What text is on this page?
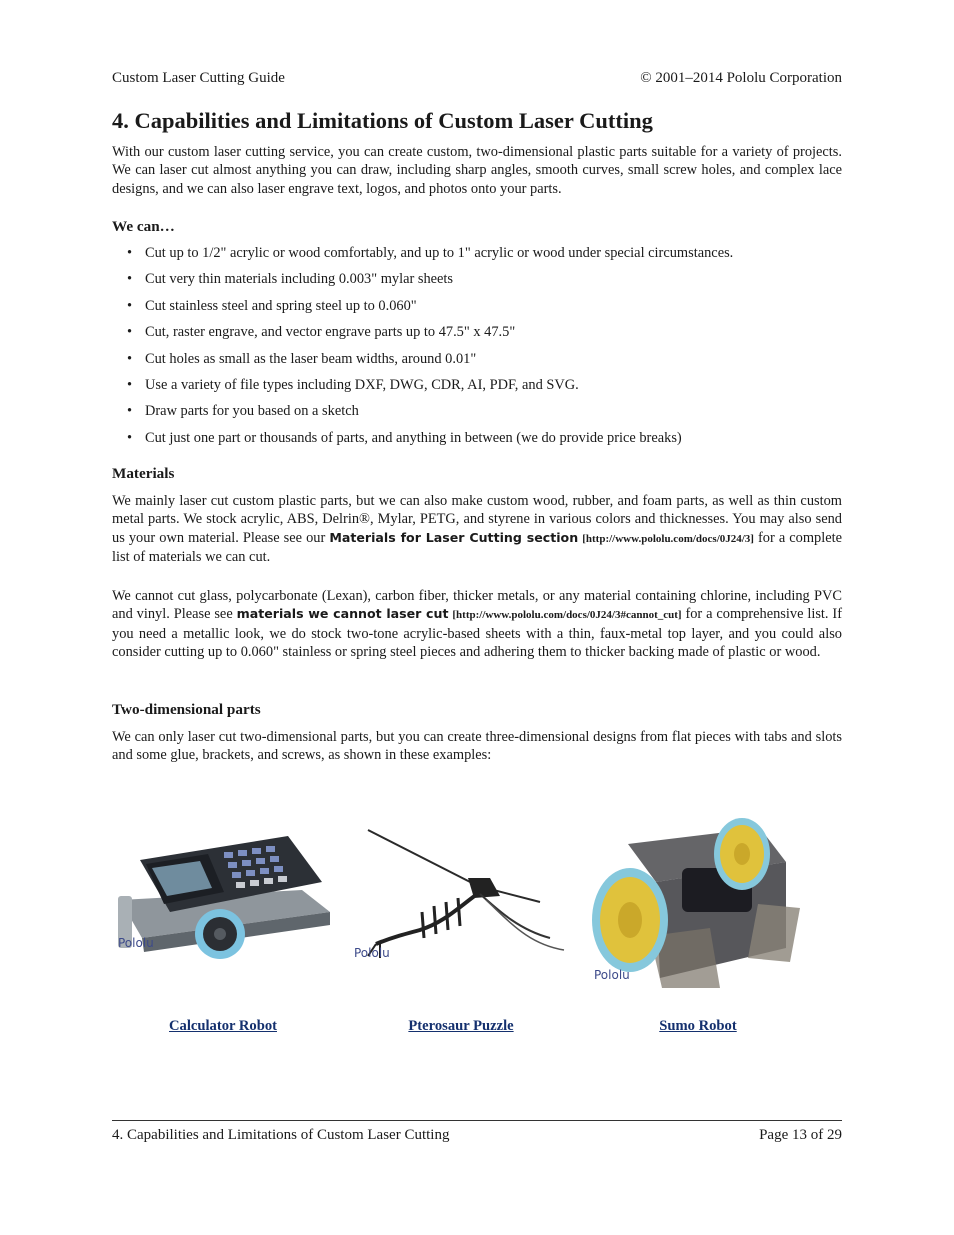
Custom Laser Cutting Guide	© 2001–2014 Pololu Corporation
4. Capabilities and Limitations of Custom Laser Cutting

With our custom laser cutting service, you can create custom, two-dimensional plastic parts suitable for a variety of projects. We can laser cut almost anything you can draw, including sharp angles, smooth curves, small screw holes, and complex lace designs, and we can also laser engrave text, logos, and photos onto your parts.

We can…
• Cut up to 1/2" acrylic or wood comfortably, and up to 1" acrylic or wood under special circumstances.
• Cut very thin materials including 0.003" mylar sheets
• Cut stainless steel and spring steel up to 0.060"
• Cut, raster engrave, and vector engrave parts up to 47.5" x 47.5"
• Cut holes as small as the laser beam widths, around 0.01"
• Use a variety of file types including DXF, DWG, CDR, AI, PDF, and SVG.
• Draw parts for you based on a sketch
• Cut just one part or thousands of parts, and anything in between (we do provide price breaks)
Materials

We mainly laser cut custom plastic parts, but we can also make custom wood, rubber, and foam parts, as well as thin custom metal parts. We stock acrylic, ABS, Delrin®, Mylar, PETG, and styrene in various colors and thicknesses. You may also send us your own material. Please see our Materials for Laser Cutting section [http://www.pololu.com/docs/0J24/3] for a complete list of materials we can cut.

We cannot cut glass, polycarbonate (Lexan), carbon fiber, thicker metals, or any material containing chlorine, including PVC and vinyl. Please see materials we cannot laser cut [http://www.pololu.com/docs/0J24/3#cannot_cut] for a comprehensive list. If you need a metallic look, we do stock two-tone acrylic-based sheets with a thin, faux-metal top layer, and you could also consider cutting up to 0.060" stainless or spring steel pieces and adhering them to thicker backing made of plastic or wood.

Two-dimensional parts

We can only laser cut two-dimensional parts, but you can create three-dimensional designs from flat pieces with tabs and slots and some glue, brackets, and screws, as shown in these examples:

Pololu
Pololu
Pololu
Calculator Robot	Pterosaur Puzzle	Sumo Robot
4. Capabilities and Limitations of Custom Laser Cutting	Page 13 of 29
